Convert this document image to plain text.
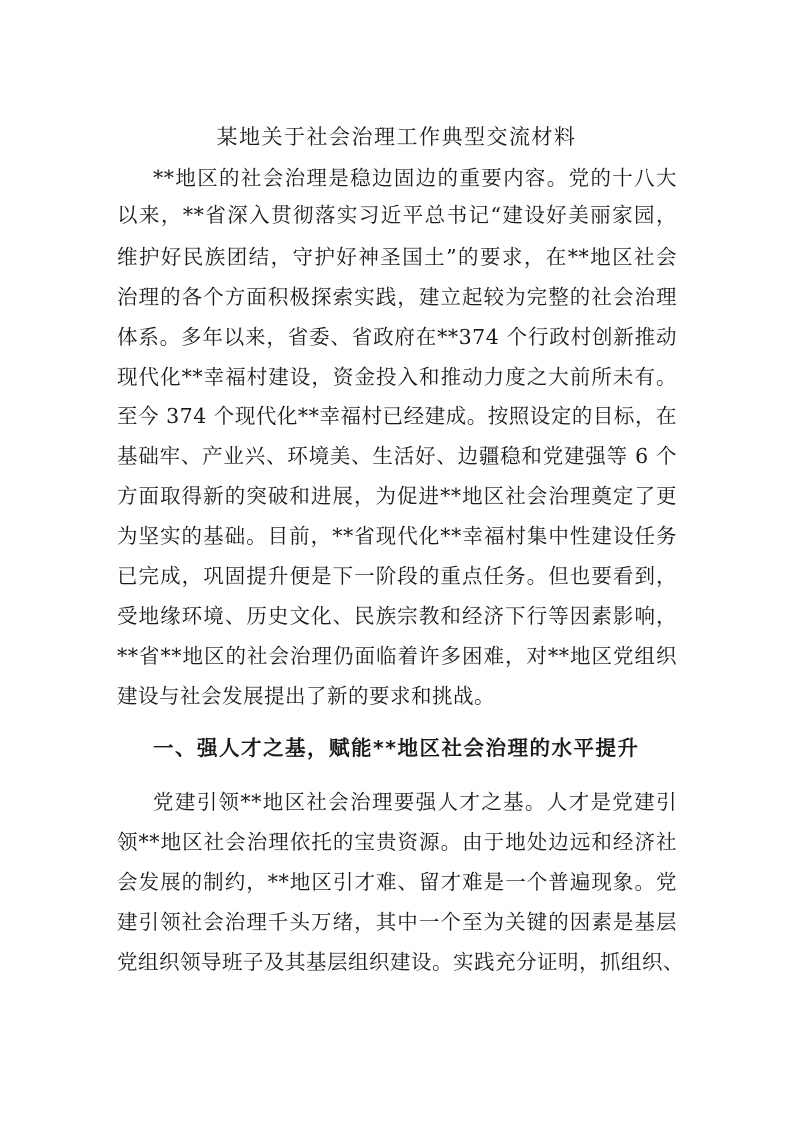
某地关于社会治理工作典型交流材料
**地区的社会治理是稳边固边的重要内容。党的十八大
以来，**省深入贯彻落实习近平总书记“建设好美丽家园，
维护好民族团结，守护好神圣国土”的要求，在**地区社会
治理的各个方面积极探索实践，建立起较为完整的社会治理
体系。多年以来，省委、省政府在**374 个行政村创新推动
现代化**幸福村建设，资金投入和推动力度之大前所未有。
至今 374 个现代化**幸福村已经建成。按照设定的目标，在
基础牢、产业兴、环境美、生活好、边疆稳和党建强等 6 个
方面取得新的突破和进展，为促进**地区社会治理奠定了更
为坚实的基础。目前，**省现代化**幸福村集中性建设任务
已完成，巩固提升便是下一阶段的重点任务。但也要看到，
受地缘环境、历史文化、民族宗教和经济下行等因素影响，
**省**地区的社会治理仍面临着许多困难，对**地区党组织
建设与社会发展提出了新的要求和挑战。
一、强人才之基，赋能**地区社会治理的水平提升
党建引领**地区社会治理要强人才之基。人才是党建引
领**地区社会治理依托的宝贵资源。由于地处边远和经济社
会发展的制约，**地区引才难、留才难是一个普遍现象。党
建引领社会治理千头万绪，其中一个至为关键的因素是基层
党组织领导班子及其基层组织建设。实践充分证明，抓组织、
